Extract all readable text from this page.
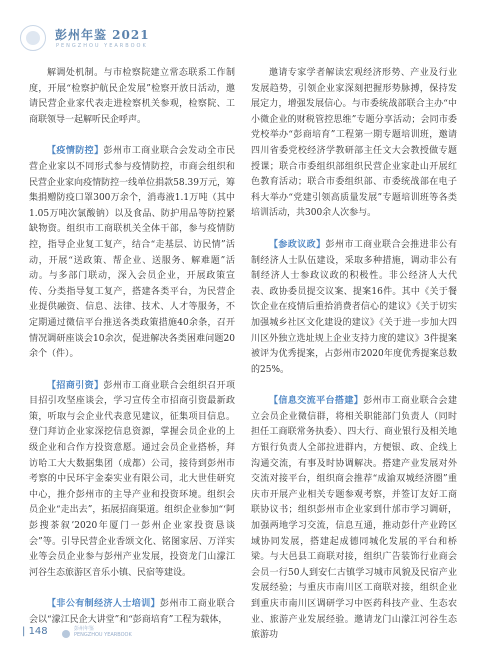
彭州年鉴 2021
PENGZHOU YEARBOOK

解调处机制。与市检察院建立常态联系工作制度，开展“检察护航民企发展”检察开放日活动，邀请民营企业家代表走进检察机关参观，检察院、工商联领导一起解听民企呼声。

【疫情防控】彭州市工商业联合会发动全市民营企业家以不同形式参与疫情防控，市商会组织和民营企业家向疫情防控一线单位捐款58.39万元，筹集捐赠防疫口罩300万余个，消毒液1.1万吨（其中1.05万吨次氯酸钠）以及食品、防护用品等防控紧缺物资。组织市工商联机关全体干部，参与疫情防控，指导企业复工复产，结合“走基层、访民情”活动，开展“送政策、帮企业、送服务、解难题”活动。与多部门联动，深入会员企业，开展政策宣传、分类指导复工复产，搭建各类平台，为民营企业提供融资、信息、法律、技术、人才等服务，不定期通过微信平台推送各类政策措施40余条，召开情况调研座谈会10余次，促进解决各类困难问题20余个（件）。

【招商引资】彭州市工商业联合会组织召开项目招引攻坚座谈会，学习宣传全市招商引资最新政策，听取与会企业代表意见建议，征集项目信息。登门拜访企业家深挖信息资源，掌握会员企业的上级企业和合作方投资意愿。通过会员企业搭桥，拜访哈工大大数据集团（成都）公司，接待到彭州市考察的中民环宇金泰实业有限公司，北大世佳研究中心，推介彭州市的主导产业和投资环境。组织会员企业“走出去”，拓展招商渠道。组织企业参加“‘阿彭搜茶叙’2020年厦门一彭州企业家投资恳谈会”等。引导民营企业香颂文化、铭图家居、万洋实业等会员企业参与彭州产业发展，投资龙门山濛江河谷生态旅游区音乐小镇、民宿等建设。

【非公有制经济人士培训】彭州市工商业联合会以“濛江民企大讲堂”和“彭商培育”工程为载体，

邀请专家学者解读宏观经济形势、产业及行业发展趋势，引领企业家深刻把握形势脉搏，保持发展定力，增强发展信心。与市委统战部联合主办“中小微企业的财税管控思维”专题分享活动；会同市委党校举办“彭商培育”工程第一期专题培训班，邀请四川省委党校经济学教研部主任文大会教授做专题授课；联合市委组织部组织民营企业家赴山开展红色教育活动；联合市委组织部、市委统战部在电子科大举办“党建引领高质量发展”专题培训班等各类培训活动，共300余人次参与。

【参政议政】彭州市工商业联合会推进非公有制经济人士队伍建设，采取多种措施，调动非公有制经济人士参政议政的积极性。非公经济人大代表、政协委员提交议案、提案16件。其中《关于餐饮企业在疫情后重拾消费者信心的建议》《关于切实加强城乡社区文化建设的建议》《关于进一步加大四川区外独立选址规上企业支持力度的建议》3件提案被评为优秀提案，占彭州市2020年度优秀提案总数的25%。

【信息交流平台搭建】彭州市工商业联合会建立会员企业微信群，将相关职能部门负责人（同时担任工商联常务执委）、四大行、商业银行及相关地方银行负责人全部拉进群内，方便银、政、企线上沟通交流，有事及时协调解决。搭建产业发展对外交流对接平台，组织商会推荐“成渝双城经济圈”重庆市开展产业相关专题参观考察，并签订友好工商联协议书；组织彭州市企业家到什邡市学习调研，加强两地学习交流，信息互通，推动彭什产业跨区域协同发展，搭建起成德同城化发展的平台和桥梁。与大邑县工商联对接，组织广告装饰行业商会会员一行50人到安仁古镇学习城市风貌及民宿产业发展经验；与重庆市南川区工商联对接，组织企业到重庆市南川区调研学习中医药科技产业、生态农业、旅游产业发展经验。邀请龙门山濛江河谷生态旅游功

| 148	彭州年鉴
PENGZHOU YEARBOOK
